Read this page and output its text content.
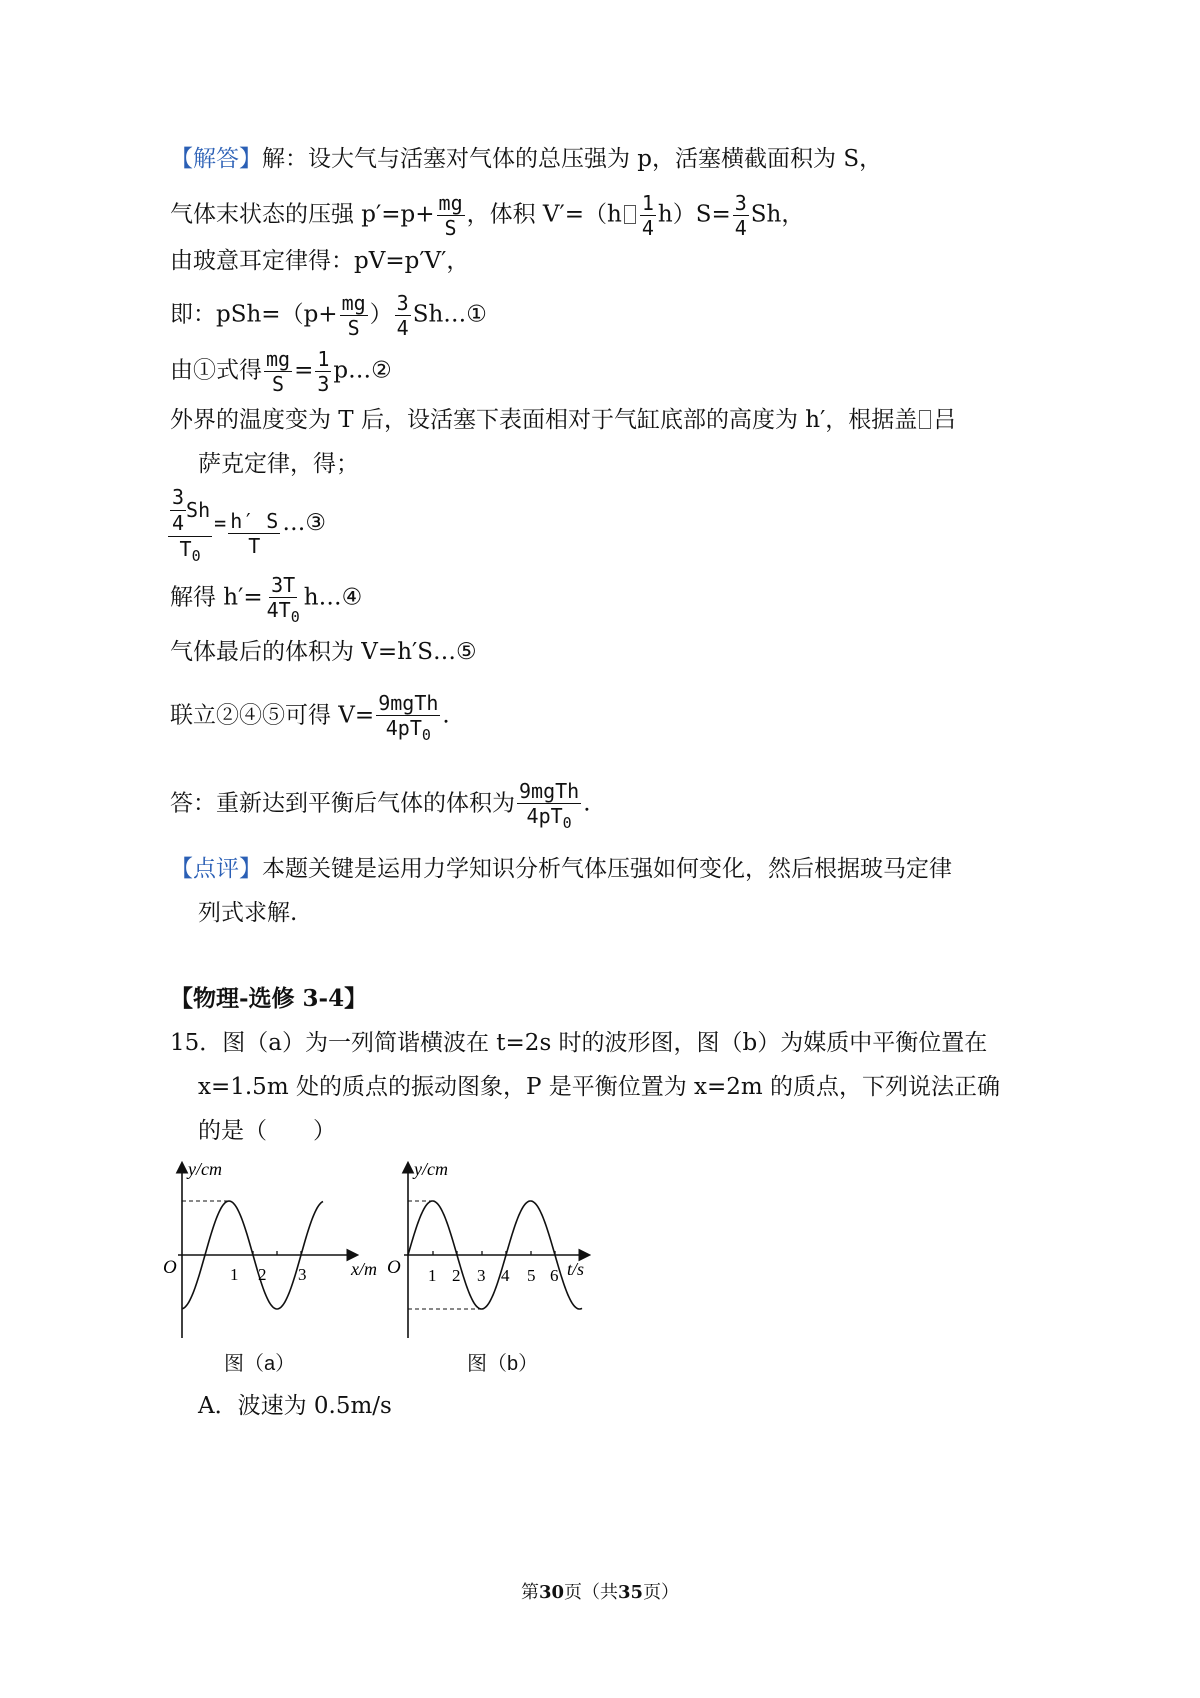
【解答】解：设大气与活塞对气体的总压强为 p，活塞横截面积为 S，
气体末状态的压强 $p'=p+ \frac{mg}{S}$ ，体积 $V'=(h \frac{1}{4} h)S= \frac{3}{4}$ Sh，
由玻意耳定律得：pV=p′V′，
即：$pSh=(p+ \frac{mg}{S}$ ） $\frac{3}{4}$ Sh…①
由①式得 $\frac{mg}{S} = \frac{1}{3}$ p…②
外界的温度变为 T 后，设活塞下表面相对于气缸底部的高度为 h′，根据盖 吕
萨克定律，得；
3
4
Sh
$T_0 = \frac{h' S}{T}$ …③
解得 $h'= \frac{3T}{4T_0}$ h…④
气体最后的体积为 V=h′S…⑤
联立②④⑤可得 V= 9mgTh
$4pT_0$
.
答：重新达到平衡后气体的体积为 9mgTh
$4pT_0$
.
【点评】本题关键是运用力学知识分析气体压强如何变化，然后根据玻马定律
列式求解.
【物理-选修 3-4】
15．图（a）为一列简谐横波在 t=2s 时的波形图，图（b）为媒质中平衡位置在
x=1.5m 处的质点的振动图象，P 是平衡位置为 x=2m 的质点，下列说法正确
的是（　　）
y/cm
O	1 2 3 x/m
图（a）
y/cm
O 1 2 3 4 5 6 t/s
图（b）
A．波速为 0.5m/s
第30页（共35页）
